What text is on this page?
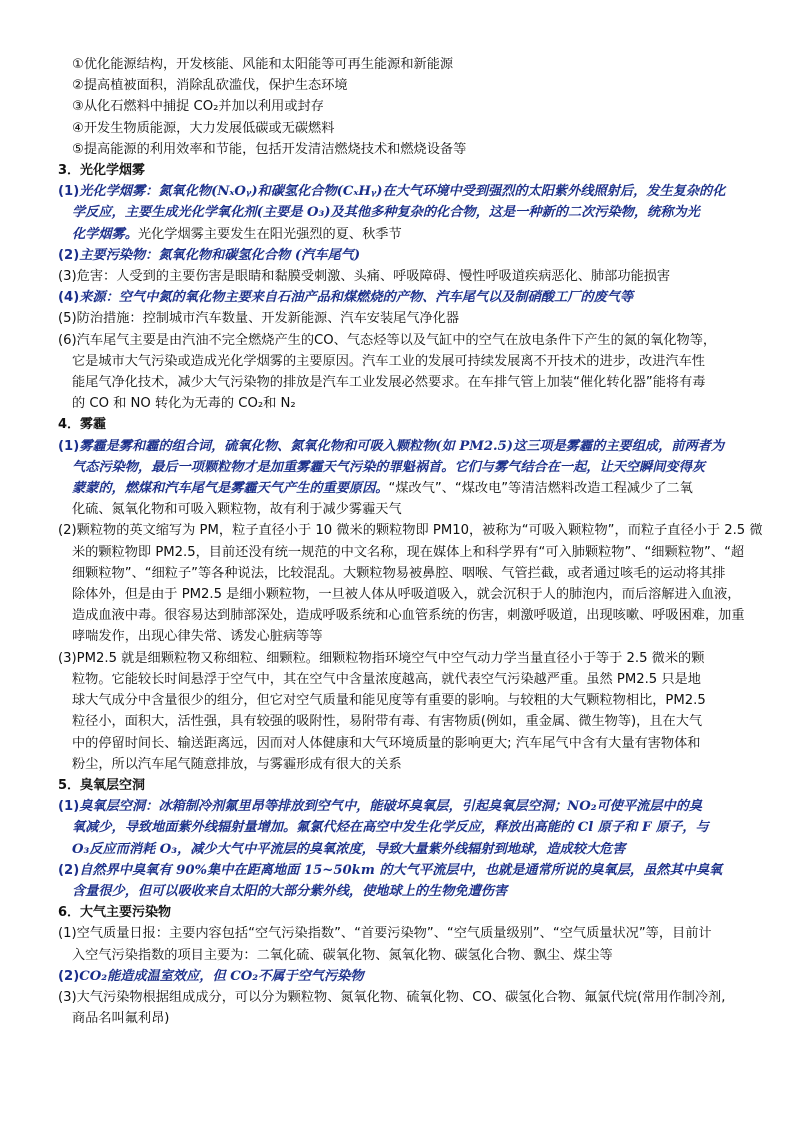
①优化能源结构，开发核能、风能和太阳能等可再生能源和新能源

②提高植被面积，消除乱砍滥伐，保护生态环境

③从化石燃料中捕捉 CO₂并加以利用或封存

④开发生物质能源，大力发展低碳或无碳燃料

⑤提高能源的利用效率和节能，包括开发清洁燃烧技术和燃烧设备等

3．光化学烟雾

(1)光化学烟雾：氮氧化物(NₓOᵧ)和碳氢化合物(CₓHᵧ)在大气环境中受到强烈的太阳紫外线照射后，发生复杂的化

学反应，主要生成光化学氧化剂(主要是 O₃)及其他多种复杂的化合物，这是一种新的二次污染物，统称为光
化学烟雾。光化学烟雾主要发生在阳光强烈的夏、秋季节

(2)主要污染物：氮氧化物和碳氢化合物 (汽车尾气)

(3)危害：人受到的主要伤害是眼睛和黏膜受刺激、头痛、呼吸障碍、慢性呼吸道疾病恶化、肺部功能损害

(4)来源：空气中氮的氧化物主要来自石油产品和煤燃烧的产物、汽车尾气以及制硝酸工厂的废气等

(5)防治措施：控制城市汽车数量、开发新能源、汽车安装尾气净化器

(6)汽车尾气主要是由汽油不完全燃烧产生的CO、气态烃等以及气缸中的空气在放电条件下产生的氮的氧化物等，

它是城市大气污染或造成光化学烟雾的主要原因。汽车工业的发展可持续发展离不开技术的进步，改进汽车性
能尾气净化技术，减少大气污染物的排放是汽车工业发展必然要求。在车排气管上加装“催化转化器”能将有毒
的 CO 和 NO 转化为无毒的 CO₂和 N₂

4．雾霾

(1)雾霾是雾和霾的组合词，硫氧化物、氮氧化物和可吸入颗粒物(如 PM2.5)这三项是雾霾的主要组成，前两者为

气态污染物，最后一项颗粒物才是加重雾霾天气污染的罪魁祸首。它们与雾气结合在一起，让天空瞬间变得灰
蒙蒙的，燃煤和汽车尾气是雾霾天气产生的重要原因。“煤改气”、“煤改电”等清洁燃料改造工程减少了二氧
化硫、氮氧化物和可吸入颗粒物，故有利于减少雾霾天气

(2)颗粒物的英文缩写为 PM，粒子直径小于 10 微米的颗粒物即 PM10，被称为“可吸入颗粒物”，而粒子直径小于 2.5 微

米的颗粒物即 PM2.5，目前还没有统一规范的中文名称，现在媒体上和科学界有“可入肺颗粒物”、“细颗粒物”、“超
细颗粒物”、“细粒子”等各种说法，比较混乱。大颗粒物易被鼻腔、咽喉、气管拦截，或者通过咳毛的运动将其排
除体外，但是由于 PM2.5 是细小颗粒物，一旦被人体从呼吸道吸入，就会沉积于人的肺泡内，而后溶解进入血液，
造成血液中毒。很容易达到肺部深处，造成呼吸系统和心血管系统的伤害，刺激呼吸道，出现咳嗽、呼吸困难，加重
哮喘发作，出现心律失常、诱发心脏病等等

(3)PM2.5 就是细颗粒物又称细粒、细颗粒。细颗粒物指环境空气中空气动力学当量直径小于等于 2.5 微米的颗

粒物。它能较长时间悬浮于空气中，其在空气中含量浓度越高，就代表空气污染越严重。虽然 PM2.5 只是地
球大气成分中含量很少的组分，但它对空气质量和能见度等有重要的影响。与较粗的大气颗粒物相比，PM2.5
粒径小，面积大，活性强，具有较强的吸附性，易附带有毒、有害物质(例如，重金属、微生物等)，且在大气
中的停留时间长、输送距离远，因而对人体健康和大气环境质量的影响更大; 汽车尾气中含有大量有害物体和
粉尘，所以汽车尾气随意排放，与雾霾形成有很大的关系

5．臭氧层空洞

(1)臭氧层空洞：冰箱制冷剂氟里昂等排放到空气中，能破坏臭氧层，引起臭氧层空洞；NO₂可使平流层中的臭

氧减少，导致地面紫外线辐射量增加。氟氯代烃在高空中发生化学反应，释放出高能的 Cl 原子和 F 原子，与
O₃反应而消耗 O₃，减少大气中平流层的臭氧浓度，导致大量紫外线辐射到地球，造成较大危害

(2)自然界中臭氧有 90%集中在距离地面 15~50km 的大气平流层中，也就是通常所说的臭氧层，虽然其中臭氧

含量很少，但可以吸收来自太阳的大部分紫外线，使地球上的生物免遭伤害

6．大气主要污染物

(1)空气质量日报：主要内容包括“空气污染指数”、“首要污染物”、“空气质量级别”、“空气质量状况”等，目前计

入空气污染指数的项目主要为：二氧化硫、碳氧化物、氮氧化物、碳氢化合物、飘尘、煤尘等

(2)CO₂能造成温室效应，但 CO₂不属于空气污染物

(3)大气污染物根据组成成分，可以分为颗粒物、氮氧化物、硫氧化物、CO、碳氢化合物、氟氯代烷(常用作制冷剂,

商品名叫氟利昂)
